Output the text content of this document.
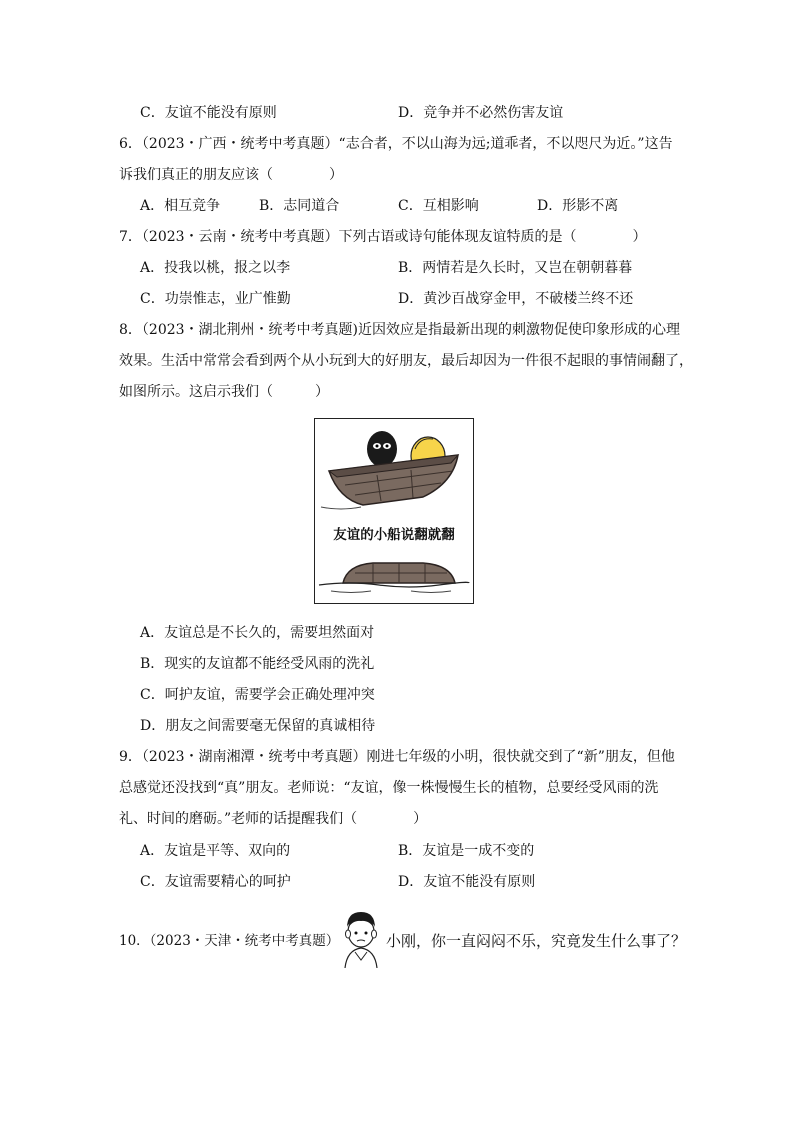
C．友谊不能没有原则	D．竞争并不必然伤害友谊
6．（2023・广西・统考中考真题）“志合者，不以山海为远;道乖者，不以咫尺为近。”这告
诉我们真正的朋友应该（　　　　）
A．相互竞争	B．志同道合	C．互相影响	D．形影不离
7．（2023・云南・统考中考真题）下列古语或诗句能体现友谊特质的是（　　　　）
A．投我以桃，报之以李	B．两情若是久长时，又岂在朝朝暮暮
C．功崇惟志，业广惟勤	D．黄沙百战穿金甲，不破楼兰终不还
8．（2023・湖北荆州・统考中考真题)近因效应是指最新出现的刺激物促使印象形成的心理
效果。生活中常常会看到两个从小玩到大的好朋友，最后却因为一件很不起眼的事情闹翻了，
如图所示。这启示我们（　　　）
友谊的小船说翻就翻
A．友谊总是不长久的，需要坦然面对
B．现实的友谊都不能经受风雨的洗礼
C．呵护友谊，需要学会正确处理冲突
D．朋友之间需要毫无保留的真诚相待
9．（2023・湖南湘潭・统考中考真题）刚进七年级的小明，很快就交到了“新”朋友，但他
总感觉还没找到“真”朋友。老师说：“友谊，像一株慢慢生长的植物，总要经受风雨的洗
礼、时间的磨砺。”老师的话提醒我们（　　　　）
A．友谊是平等、双向的	B．友谊是一成不变的
C．友谊需要精心的呵护	D．友谊不能没有原则
10．（2023・天津・统考中考真题）	小刚，你一直闷闷不乐，究竟发生什么事了？
